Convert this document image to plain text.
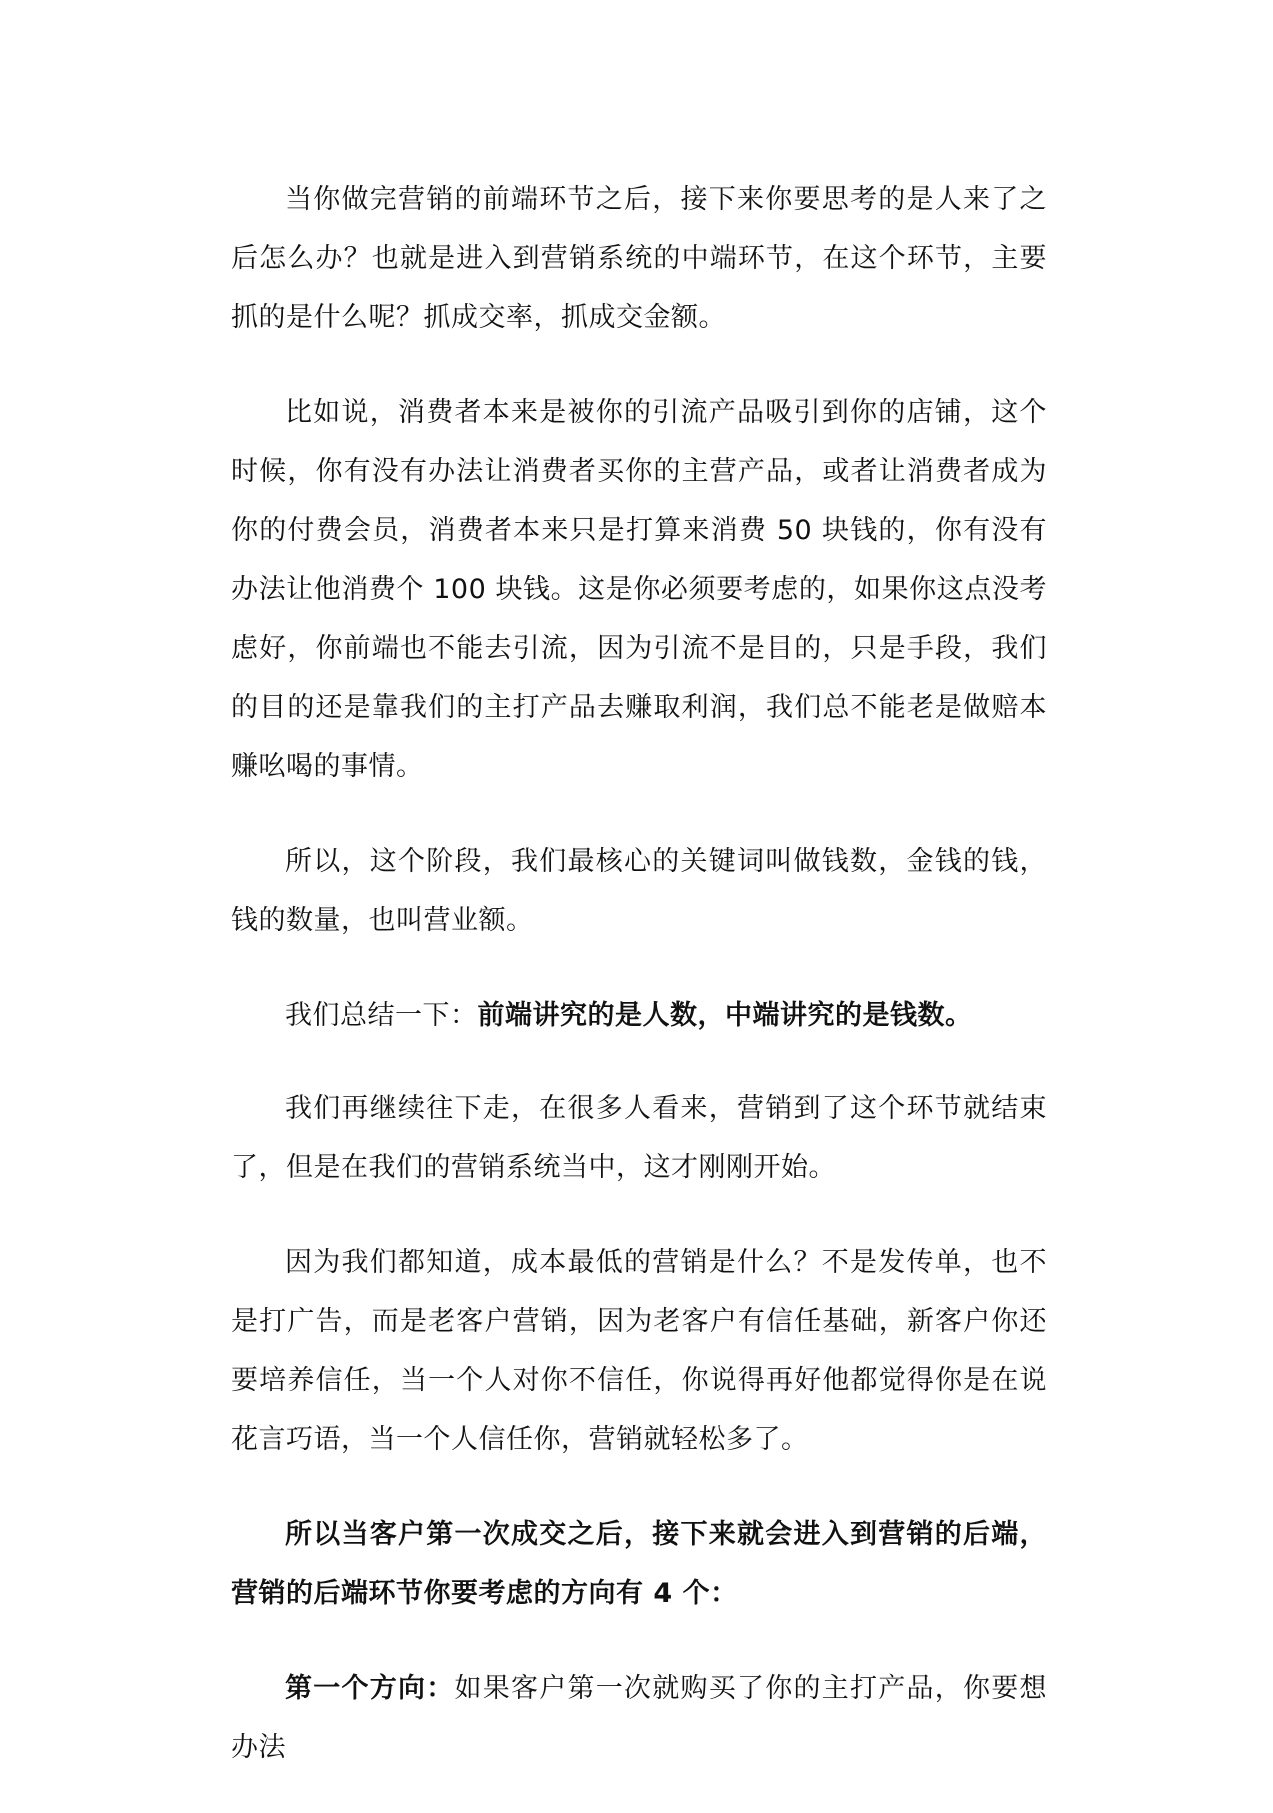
当你做完营销的前端环节之后，接下来你要思考的是人来了之后怎么办？也就是进入到营销系统的中端环节，在这个环节，主要抓的是什么呢？抓成交率，抓成交金额。

比如说，消费者本来是被你的引流产品吸引到你的店铺，这个时候，你有没有办法让消费者买你的主营产品，或者让消费者成为你的付费会员，消费者本来只是打算来消费 50 块钱的，你有没有办法让他消费个 100 块钱。这是你必须要考虑的，如果你这点没考虑好，你前端也不能去引流，因为引流不是目的，只是手段，我们的目的还是靠我们的主打产品去赚取利润，我们总不能老是做赔本赚吆喝的事情。

所以，这个阶段，我们最核心的关键词叫做钱数，金钱的钱，钱的数量，也叫营业额。

我们总结一下：前端讲究的是人数，中端讲究的是钱数。

我们再继续往下走，在很多人看来，营销到了这个环节就结束了，但是在我们的营销系统当中，这才刚刚开始。

因为我们都知道，成本最低的营销是什么？不是发传单，也不是打广告，而是老客户营销，因为老客户有信任基础，新客户你还要培养信任，当一个人对你不信任，你说得再好他都觉得你是在说花言巧语，当一个人信任你，营销就轻松多了。

所以当客户第一次成交之后，接下来就会进入到营销的后端，营销的后端环节你要考虑的方向有 4 个：

第一个方向：如果客户第一次就购买了你的主打产品，你要想办法
